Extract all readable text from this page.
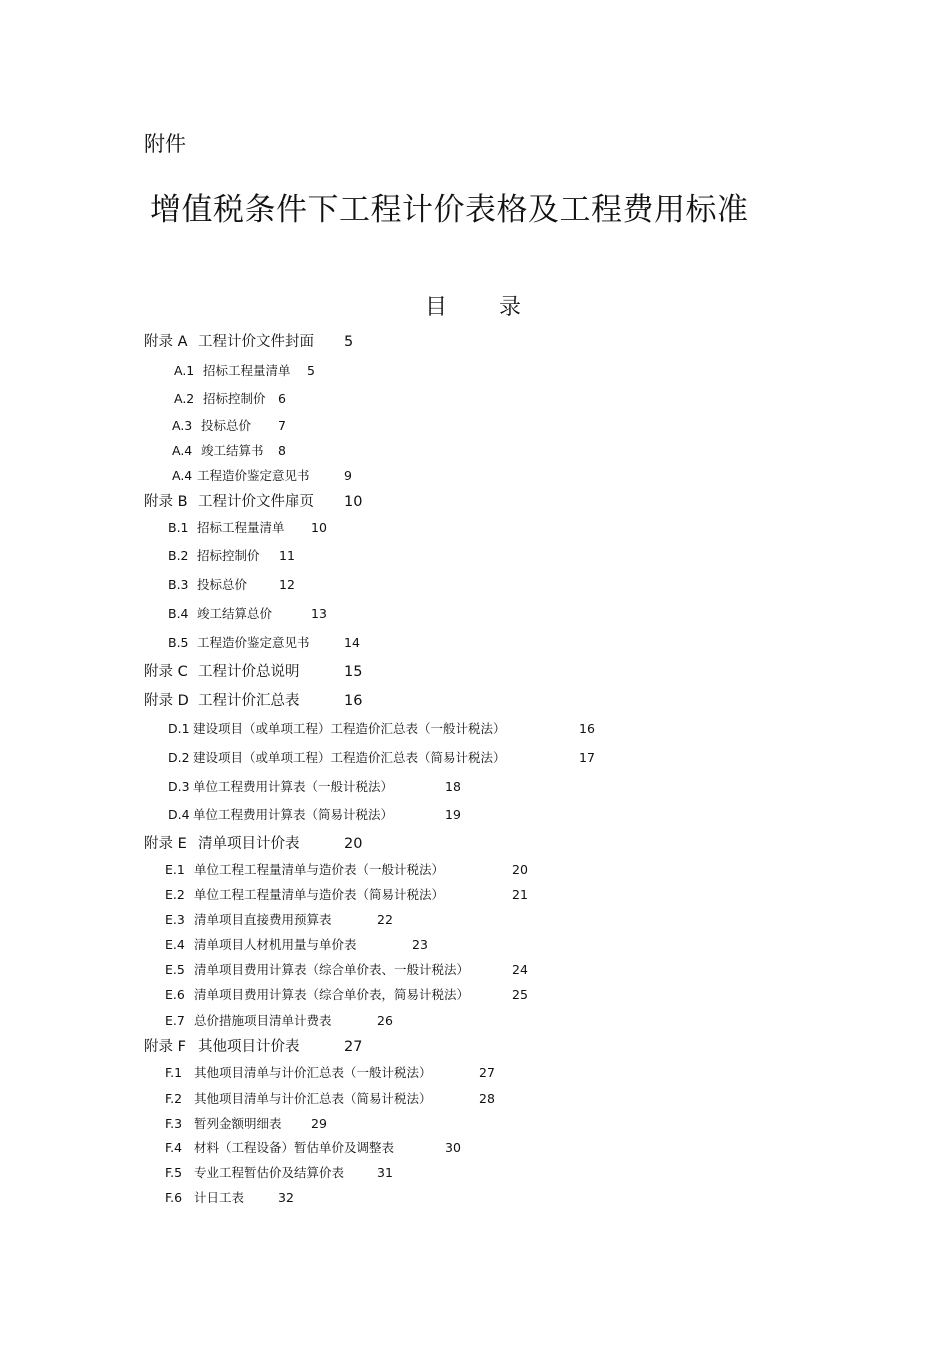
附件
增值税条件下工程计价表格及工程费用标准
目 录
附录 A 工程计价文件封面 5
A.1 招标工程量清单 5
A.2 招标控制价 6
A.3 投标总价 7
A.4 竣工结算书 8
A.4 工程造价鉴定意见书	9
附录 B 工程计价文件扉页 10
B.1 招标工程量清单 10
B.2 招标控制价 11
B.3 投标总价	12
B.4 竣工结算总价	13
B.5 工程造价鉴定意见书	14
附录 C 工程计价总说明	15
附录 D 工程计价汇总表	16
D.1 建设项目（或单项工程）工程造价汇总表（一般计税法）	16
D.2 建设项目（或单项工程）工程造价汇总表（简易计税法）	17
D.3 单位工程费用计算表（一般计税法）	18
D.4 单位工程费用计算表（简易计税法）	19
附录 E 清单项目计价表	20
E.1 单位工程工程量清单与造价表（一般计税法）	20
E.2 单位工程工程量清单与造价表（简易计税法）	21
E.3 清单项目直接费用预算表	22
E.4 清单项目人材机用量与单价表	23
E.5 清单项目费用计算表（综合单价表、一般计税法）	24
E.6 清单项目费用计算表（综合单价表，简易计税法）	25
E.7 总价措施项目清单计费表	26
附录 F 其他项目计价表	27
F.1 其他项目清单与计价汇总表（一般计税法）	27
F.2 其他项目清单与计价汇总表（简易计税法）	28
F.3 暂列金额明细表 29
F.4 材料（工程设备）暂估单价及调整表	30
F.5 专业工程暂估价及结算价表	31
F.6 计日工表	32
